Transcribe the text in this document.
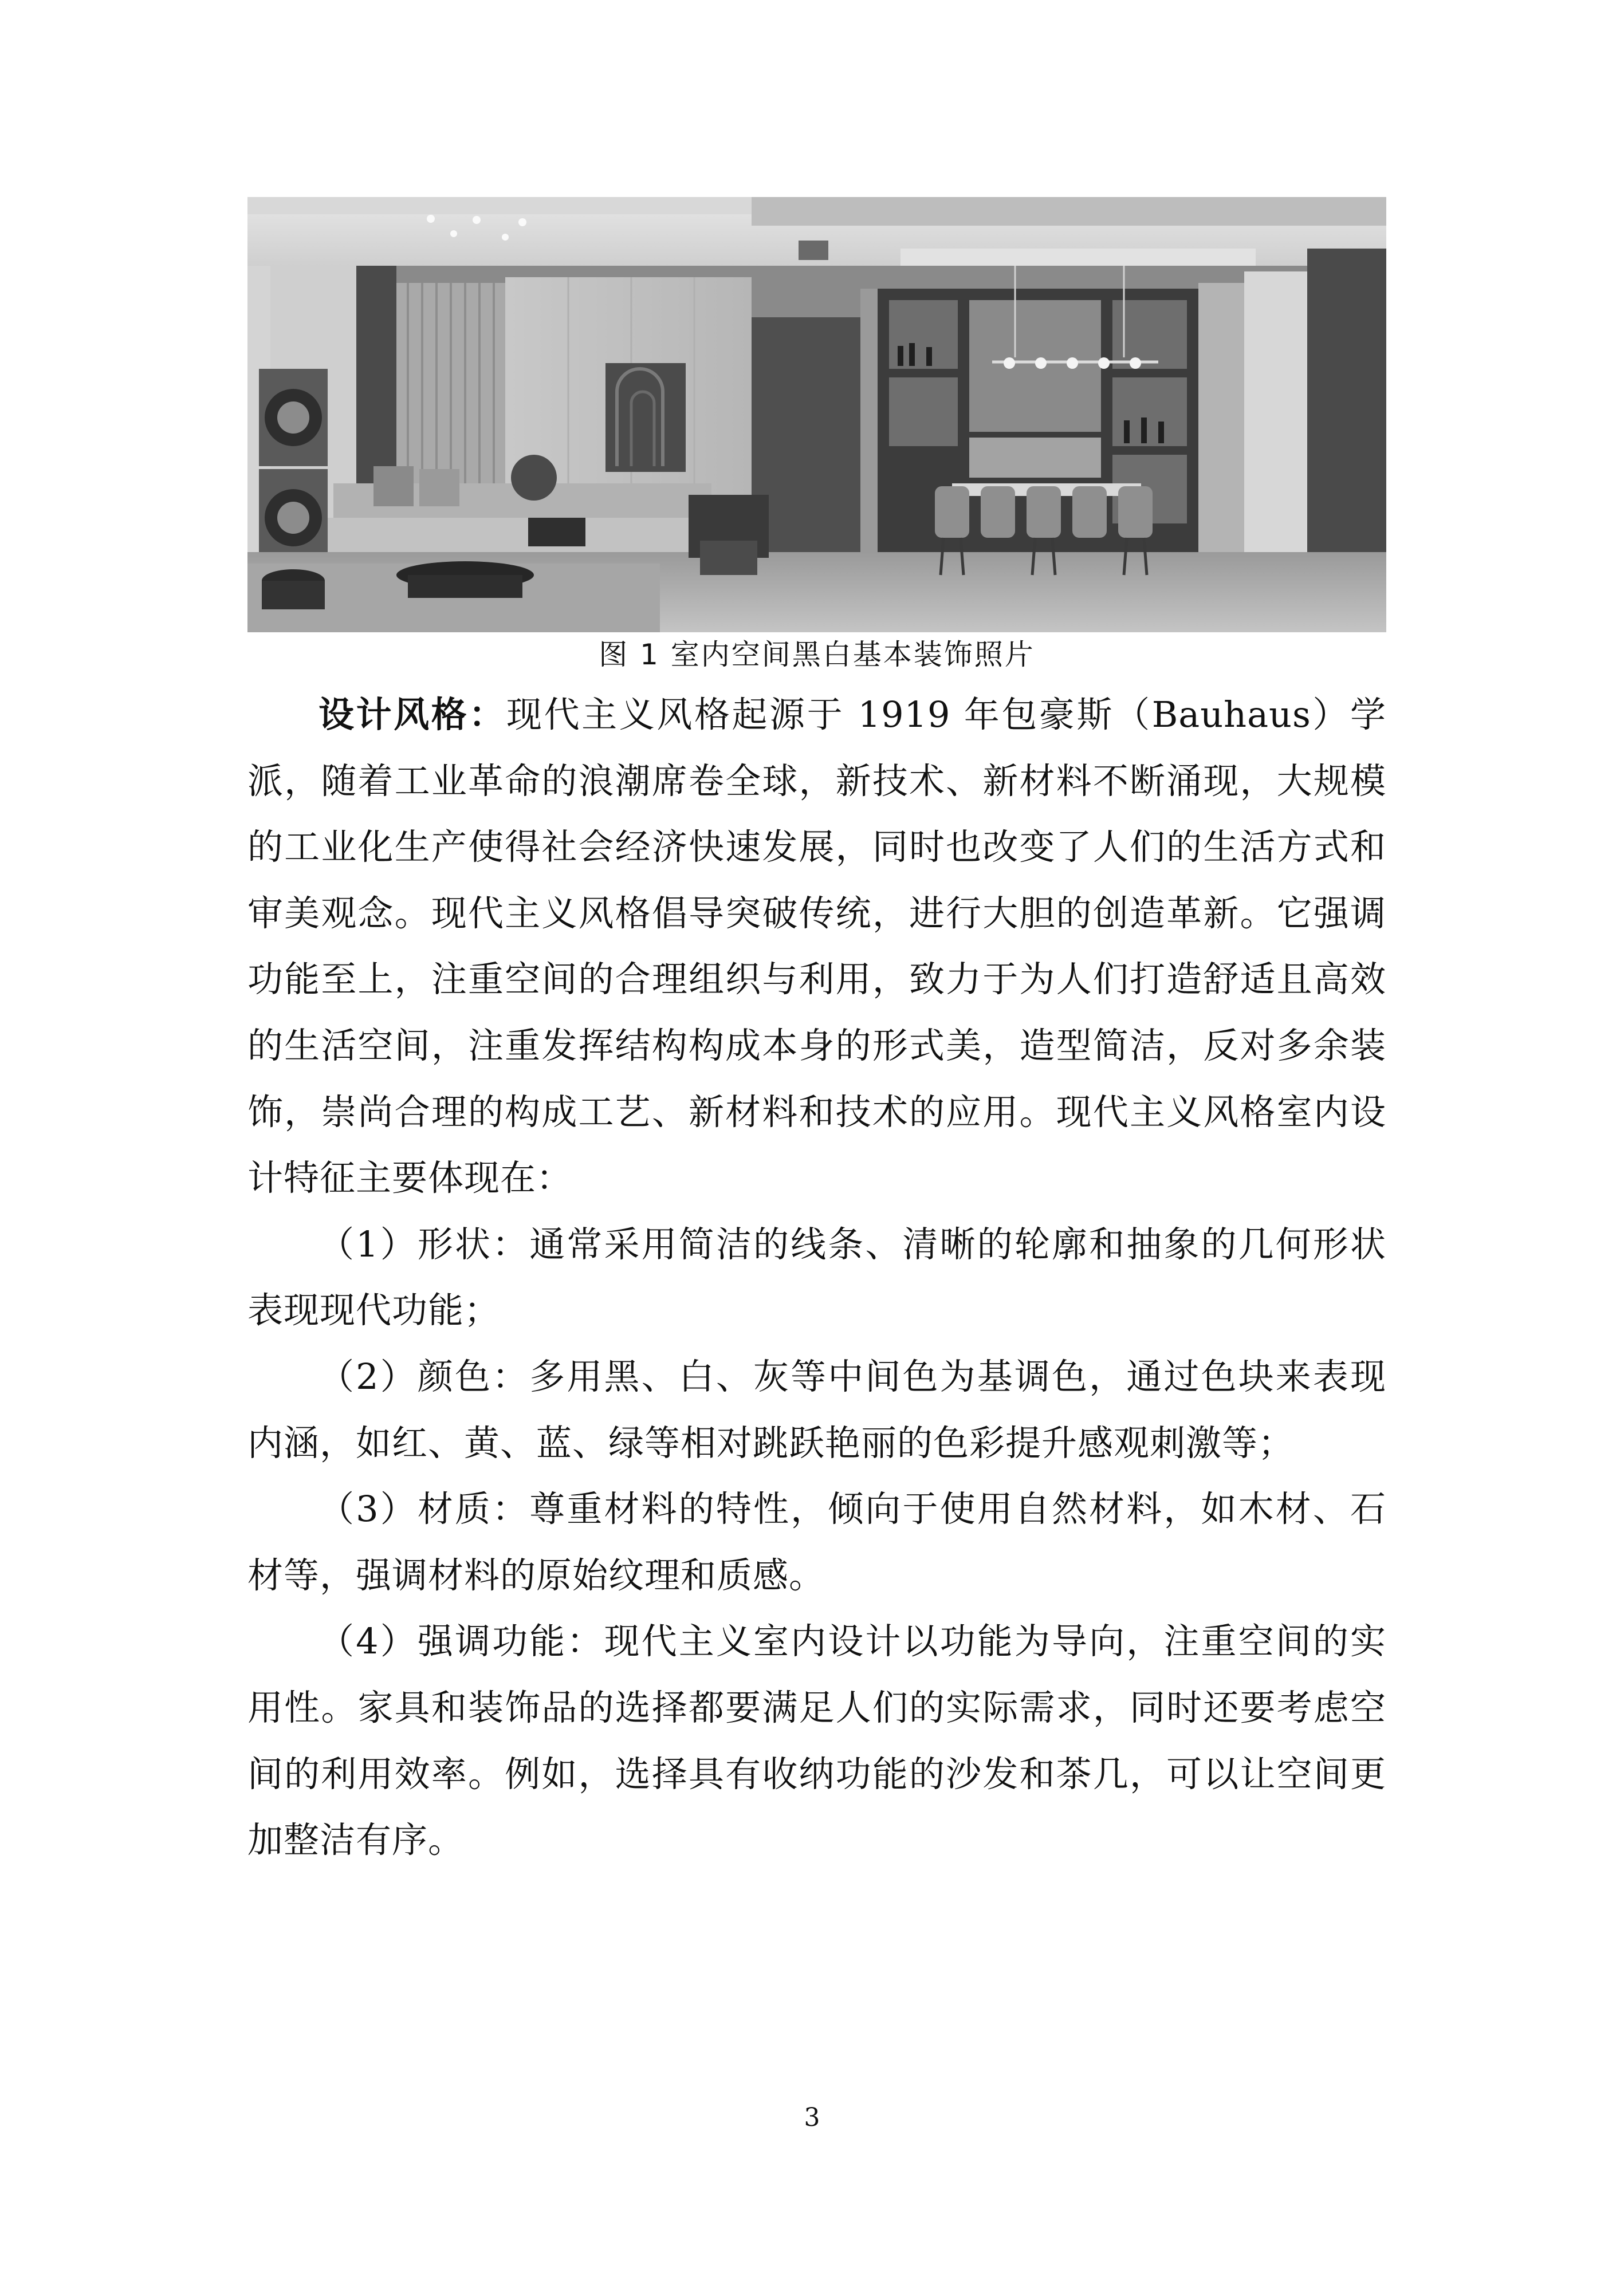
图 1 室内空间黑白基本装饰照片

设计风格：现代主义风格起源于 1919 年包豪斯（Bauhaus）学派，随着工业革命的浪潮席卷全球，新技术、新材料不断涌现，大规模的工业化生产使得社会经济快速发展，同时也改变了人们的生活方式和审美观念。现代主义风格倡导突破传统，进行大胆的创造革新。它强调功能至上，注重空间的合理组织与利用，致力于为人们打造舒适且高效的生活空间，注重发挥结构构成本身的形式美，造型简洁，反对多余装饰，崇尚合理的构成工艺、新材料和技术的应用。现代主义风格室内设计特征主要体现在：

（1）形状：通常采用简洁的线条、清晰的轮廓和抽象的几何形状表现现代功能；

（2）颜色：多用黑、白、灰等中间色为基调色，通过色块来表现内涵，如红、黄、蓝、绿等相对跳跃艳丽的色彩提升感观刺激等；

（3）材质：尊重材料的特性，倾向于使用自然材料，如木材、石材等，强调材料的原始纹理和质感。

（4）强调功能：现代主义室内设计以功能为导向，注重空间的实用性。家具和装饰品的选择都要满足人们的实际需求，同时还要考虑空间的利用效率。例如，选择具有收纳功能的沙发和茶几，可以让空间更加整洁有序。

3
